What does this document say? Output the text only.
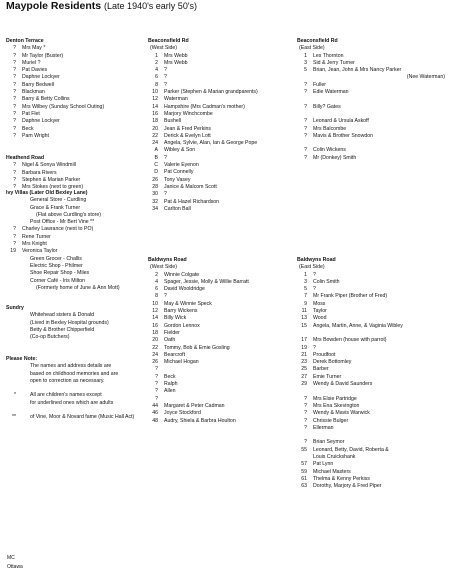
Maypole Residents (Late 1940's early 50's)
Denton Terrace
? Mrs May *
? Mr Taylor (Buster)
? Muriel ?
? Pat Davies
? Daphne Lockyer
? Barry Bedwell
? Blackman
? Barry & Betty Collins
? Mrs Wilbey (Sunday School Outing)
? Pat Flet
? Daphne Lockyer
? Beck
? Pam Wright
Heathend Road
? Nigel & Sonya Windmill
? Barbara Rivers
? Stephen & Marian Parker
? Mrs Stokes (next to green)
Ivy Villas (Later Old Bexley Lane)
General Store - Curdling
Grace & Frank Turner
(Flat above Curdling's store)
Post Office - Mr Bert Vine **
? Charley Lawrance (next to PO)
? Rene Turner
? Mrs Knight
19 Veronica Taylor
Green Grocer - Challis
Electric Shop - Philmer
Shoe Repair Shop - Miles
Corner Café - Iris Milton
(Formerly home of June & Ann Mott)
Sundry
Whitehead sisters & Donald
(Lived in Bexley Hospital grounds)
Betty & Brother Chipperfield
(Co-op Butchers)
Please Note:
The names and address details are
based on childhood memories and are
open to correction as necessary.
*	All are children's names except
for underlined ones which are adults
**	of Vine, Moor & Novard fame (Music Hall Act)
Beaconsfield Rd
(West Side)
1 Mrs Webb
2 Mrs Webb
4 ?
6 ?
8 ?
10 Parker (Stephen & Marian grandparents)
12 Waterman
14 Hampshire (Mrs Cadman's mother)
16 Marjory Winchcombe
18 Bushell
20 Jean & Fred Perkins
22 Derick & Evelyn Lott
24 Angela, Sylvie, Alan, Ian & George Pope
A Wibley & Son
B ?
C Valerie Eyenon
D Pat Connelly
26 Tony Vasey
28 Janice & Malcom Scott
30 ?
32 Pat & Hazel Richardson
34 Carlton Ball
Baldwyns Road
(West Side)
2 Winnie Colgate
4 Spager, Jessie, Molly & Willie Barratt
6 David Wooldridge
8 ?
10 May & Winnie Speck
12 Barry Wickens
14 Billy Wick
16 Gordon Lennox
18 Fielder
20 Oath
22 Tommy, Bob & Emie Gosling
24 Bearcroft
26 Michael Hogan
?
? Beck
? Ralph
? Allen
?
44 Margaret & Peter Cadman
46 Joyce Stockford
48 Audry, Shiela & Barbra Houlton
Beaconsfield Rd
(East Side)
1 Les Thornton
3 Sid & Jerry Turner
5 Brian, Jean, John & Mrs Nancy Parker
(Nee Waterman)
? Fuller
? Edie Waterman
? Billy? Gates
? Leonard & Ursula Askoff
? Mrs Balcombe
? Mavis & Brother Snowdon
? Colin Wickens
? Mr (Donkey) Smith
Baldwyns Road
(East Side)
1 ?
3 Colin Smith
5 ?
7 Mr Frank Piper (Brother of Fred)
9 Moss
11 Taylor
13 Wood
15 Angela, Martin, Anne, & Vaginia Wibley
17 Mrs Bowden (house with parrot)
19 ?
21 Proudfoot
23 Derek Bottomley
25 Barber
27 Emie Turner
29 Wendy & David Saunders
? Mrs Elsie Partridge
? Mrs Ena Skevington
? Wendy & Mavis Warwick
? Chrissie Bulger
? Ellerman
? Brian Seymor
55 Leonard, Betty, David, Roberta &
Louis Cruickshank
57 Pat Lynn
59 Michael Masters
61 Thelma & Kenny Perkiss
63 Dorothy, Marjory & Fred Piper
MC
Ottawa
